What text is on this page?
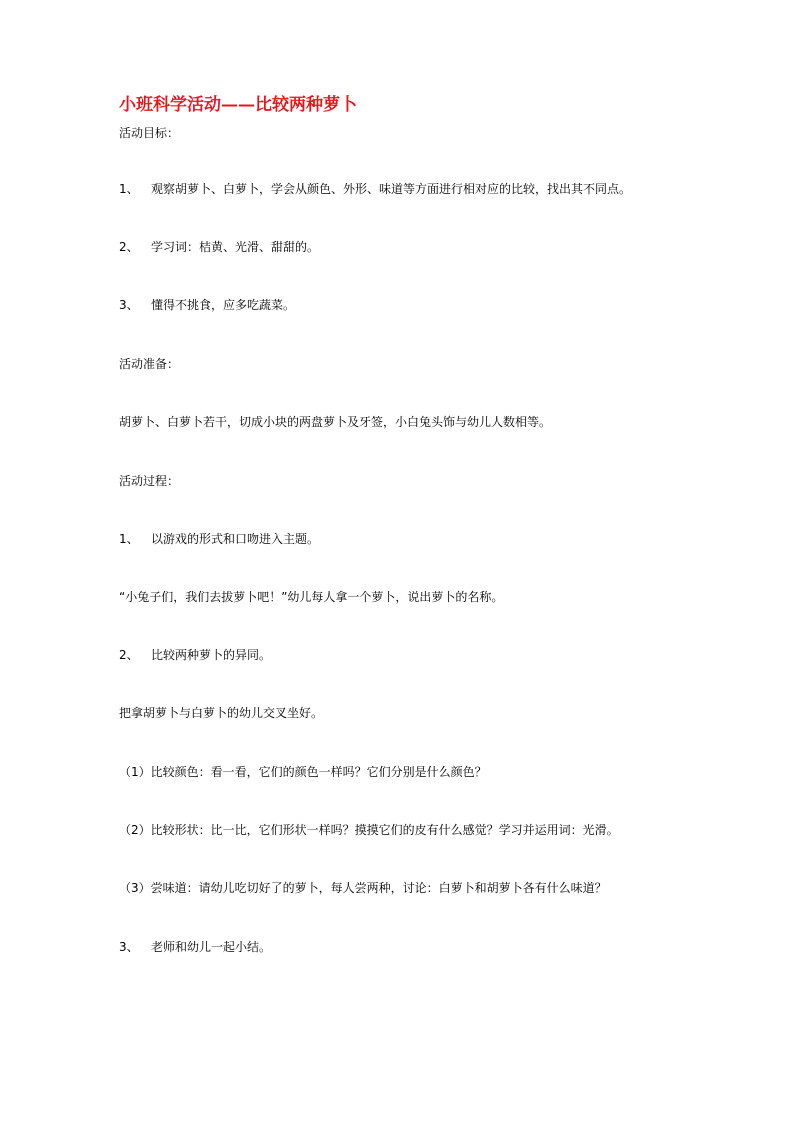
小班科学活动——比较两种萝卜
活动目标：
1、 观察胡萝卜、白萝卜，学会从颜色、外形、味道等方面进行相对应的比较，找出其不同点。
2、 学习词：桔黄、光滑、甜甜的。
3、 懂得不挑食，应多吃蔬菜。
活动准备：
胡萝卜、白萝卜若干，切成小块的两盘萝卜及牙签，小白兔头饰与幼儿人数相等。
活动过程：
1、 以游戏的形式和口吻进入主题。
“小兔子们，我们去拔萝卜吧！”幼儿每人拿一个萝卜，说出萝卜的名称。
2、 比较两种萝卜的异同。
把拿胡萝卜与白萝卜的幼儿交叉坐好。
（1）比较颜色：看一看，它们的颜色一样吗？它们分别是什么颜色？
（2）比较形状：比一比，它们形状一样吗？摸摸它们的皮有什么感觉？学习并运用词：光滑。
（3）尝味道：请幼儿吃切好了的萝卜，每人尝两种，讨论：白萝卜和胡萝卜各有什么味道？
3、 老师和幼儿一起小结。
